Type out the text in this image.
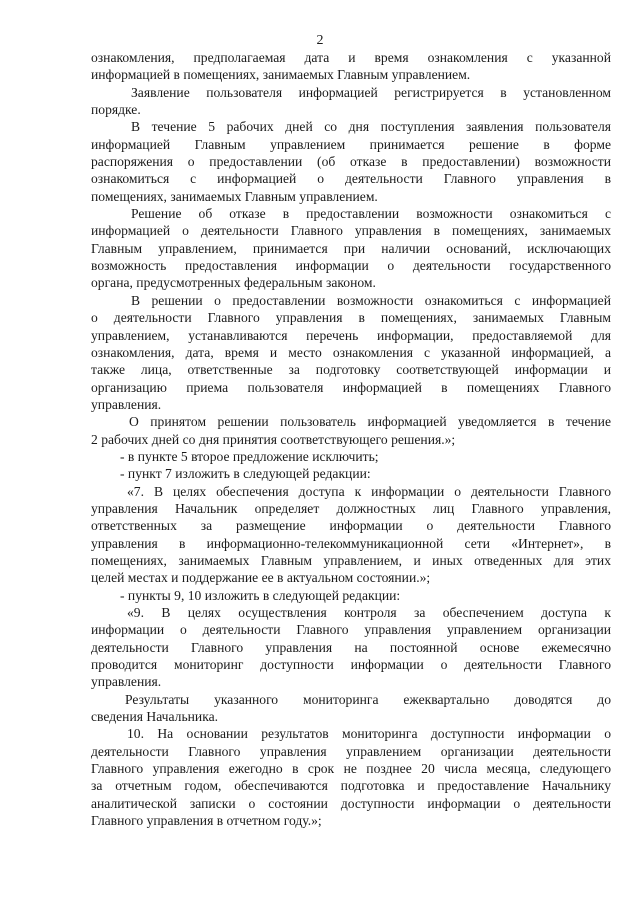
2
ознакомления, предполагаемая дата и время ознакомления с указанной
информацией в помещениях, занимаемых Главным управлением.
Заявление пользователя информацией регистрируется в установленном
порядке.
В течение 5 рабочих дней со дня поступления заявления пользователя
информацией Главным управлением принимается решение в форме
распоряжения о предоставлении (об отказе в предоставлении) возможности
ознакомиться с информацией о деятельности Главного управления в
помещениях, занимаемых Главным управлением.
Решение об отказе в предоставлении возможности ознакомиться с
информацией о деятельности Главного управления в помещениях, занимаемых
Главным управлением, принимается при наличии оснований, исключающих
возможность предоставления информации о деятельности государственного
органа, предусмотренных федеральным законом.
В решении о предоставлении возможности ознакомиться с информацией
о деятельности Главного управления в помещениях, занимаемых Главным
управлением, устанавливаются перечень информации, предоставляемой для
ознакомления, дата, время и место ознакомления с указанной информацией, а
также лица, ответственные за подготовку соответствующей информации и
организацию приема пользователя информацией в помещениях Главного
управления.
О принятом решении пользователь информацией уведомляется в течение
2 рабочих дней со дня принятия соответствующего решения.»;
- в пункте 5 второе предложение исключить;
- пункт 7 изложить в следующей редакции:
«7. В целях обеспечения доступа к информации о деятельности Главного
управления Начальник определяет должностных лиц Главного управления,
ответственных за размещение информации о деятельности Главного
управления в информационно-телекоммуникационной сети «Интернет», в
помещениях, занимаемых Главным управлением, и иных отведенных для этих
целей местах и поддержание ее в актуальном состоянии.»;
- пункты 9, 10 изложить в следующей редакции:
«9. В целях осуществления контроля за обеспечением доступа к
информации о деятельности Главного управления управлением организации
деятельности Главного управления на постоянной основе ежемесячно
проводится мониторинг доступности информации о деятельности Главного
управления.
Результаты указанного мониторинга ежеквартально доводятся до
сведения Начальника.
10. На основании результатов мониторинга доступности информации о
деятельности Главного управления управлением организации деятельности
Главного управления ежегодно в срок не позднее 20 числа месяца, следующего
за отчетным годом, обеспечиваются подготовка и предоставление Начальнику
аналитической записки о состоянии доступности информации о деятельности
Главного управления в отчетном году.»;
